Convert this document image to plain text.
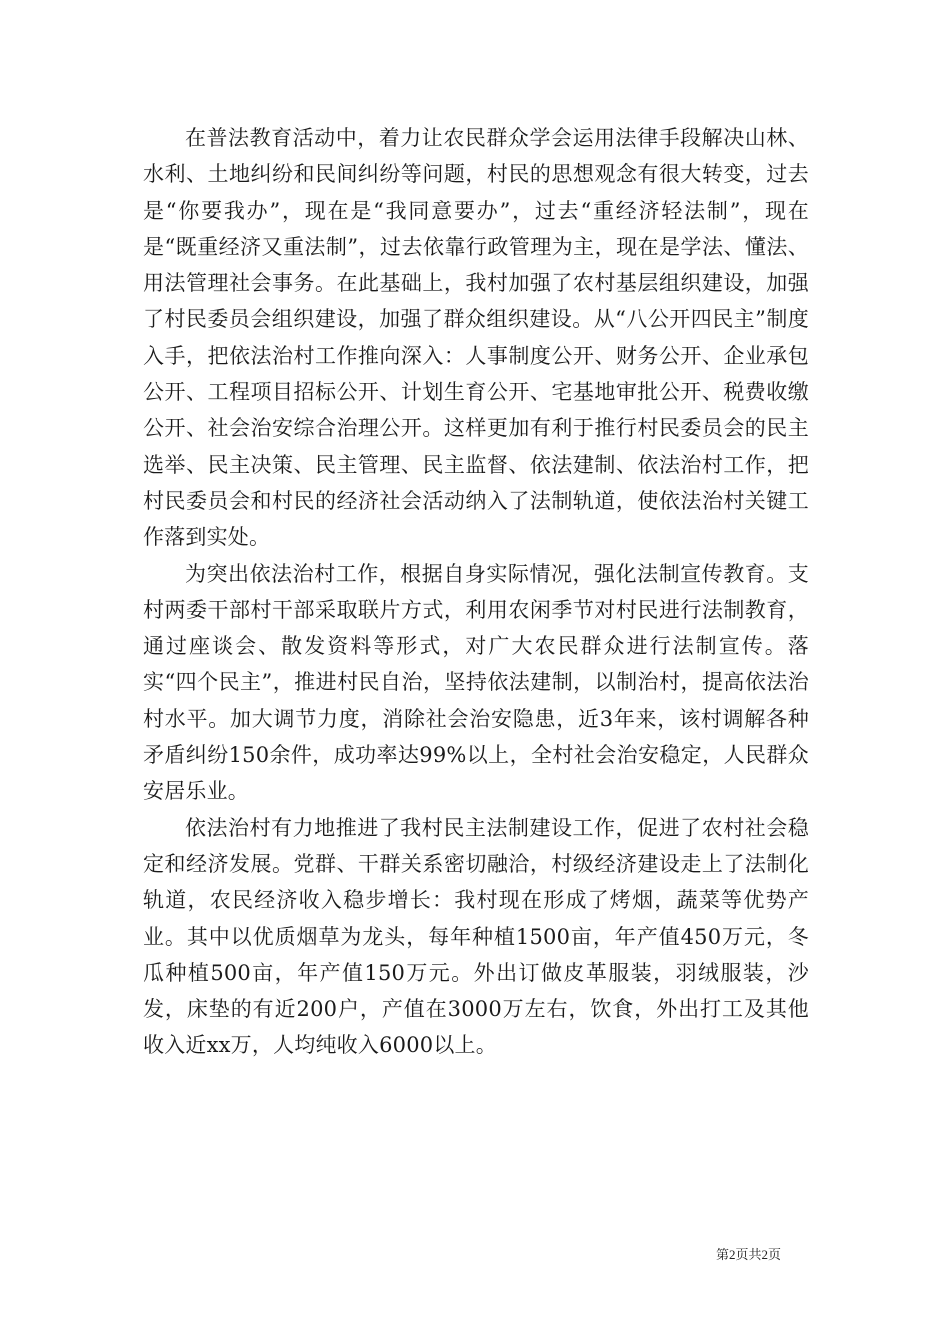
在普法教育活动中，着力让农民群众学会运用法律手段解决山林、水利、土地纠纷和民间纠纷等问题，村民的思想观念有很大转变，过去是“你要我办”，现在是“我同意要办”，过去“重经济轻法制”，现在是“既重经济又重法制”，过去依靠行政管理为主，现在是学法、懂法、用法管理社会事务。在此基础上，我村加强了农村基层组织建设，加强了村民委员会组织建设，加强了群众组织建设。从“八公开四民主”制度入手，把依法治村工作推向深入：人事制度公开、财务公开、企业承包公开、工程项目招标公开、计划生育公开、宅基地审批公开、税费收缴公开、社会治安综合治理公开。这样更加有利于推行村民委员会的民主选举、民主决策、民主管理、民主监督、依法建制、依法治村工作，把村民委员会和村民的经济社会活动纳入了法制轨道，使依法治村关键工作落到实处。

为突出依法治村工作，根据自身实际情况，强化法制宣传教育。支村两委干部村干部采取联片方式，利用农闲季节对村民进行法制教育，通过座谈会、散发资料等形式，对广大农民群众进行法制宣传。落实“四个民主”，推进村民自治，坚持依法建制，以制治村，提高依法治村水平。加大调节力度，消除社会治安隐患，近3年来，该村调解各种矛盾纠纷150余件，成功率达99%以上，全村社会治安稳定，人民群众安居乐业。

依法治村有力地推进了我村民主法制建设工作，促进了农村社会稳定和经济发展。党群、干群关系密切融洽，村级经济建设走上了法制化轨道，农民经济收入稳步增长：我村现在形成了烤烟，蔬菜等优势产业。其中以优质烟草为龙头，每年种植1500亩，年产值450万元，冬瓜种植500亩，年产值150万元。外出订做皮革服装，羽绒服装，沙发，床垫的有近200户，产值在3000万左右，饮食，外出打工及其他收入近xx万，人均纯收入6000以上。

第2页共2页
